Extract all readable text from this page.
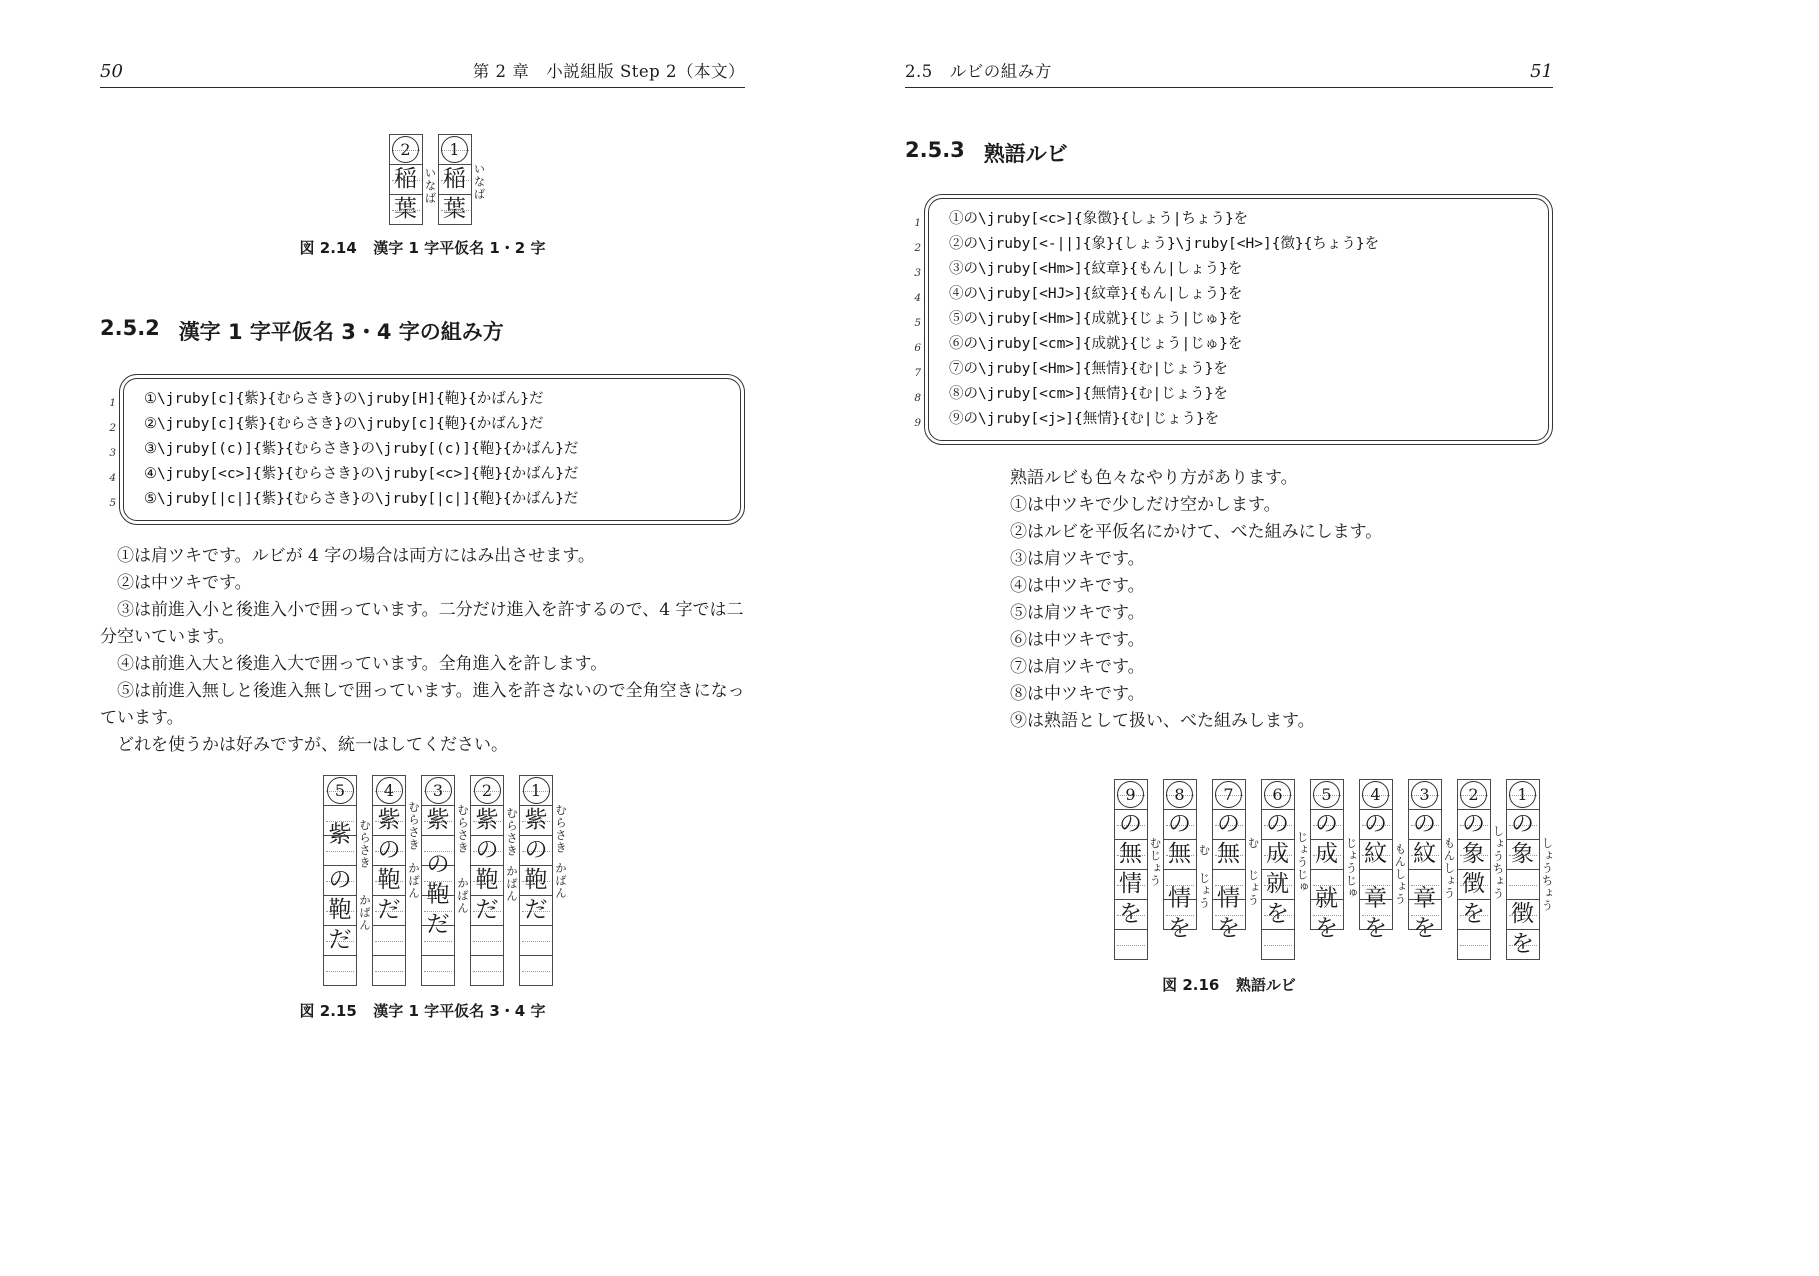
50	第 2 章　小説組版 Step 2（本文）
2
稲
葉
いなば
1
稲
葉
いなば
図 2.14 漢字 1 字平仮名 1・2 字
2.5.2 漢字 1 字平仮名 3・4 字の組み方
1
2
3
4
5
①\jruby[c]{紫}{むらさき}の\jruby[H]{鞄}{かばん}だ
②\jruby[c]{紫}{むらさき}の\jruby[c]{鞄}{かばん}だ
③\jruby[(c)]{紫}{むらさき}の\jruby[(c)]{鞄}{かばん}だ
④\jruby[<c>]{紫}{むらさき}の\jruby[<c>]{鞄}{かばん}だ
⑤\jruby[|c|]{紫}{むらさき}の\jruby[|c|]{鞄}{かばん}だ

①は肩ツキです。ルビが 4 字の場合は両方にはみ出させます。

②は中ツキです。

③は前進入小と後進入小で囲っています。二分だけ進入を許するので、4 字では二分空いています。

④は前進入大と後進入大で囲っています。全角進入を許します。

⑤は前進入無しと後進入無しで囲っています。進入を許さないので全角空きになっています。

どれを使うかは好みですが、統一はしてください。

5
紫
の
鞄
だ
むらさき
かばん
4
紫
の
鞄
だ
むらさき
かばん
3
紫
の
鞄
だ
むらさき
かばん
2
紫
の
鞄
だ
むらさき
かばん
1
紫
の
鞄
だ
むらさき
かばん
図 2.15 漢字 1 字平仮名 3・4 字
2.5　ルビの組み方	51
2.5.3 熟語ルビ
1
2
3
4
5
6
7
8
9
①の\jruby[<c>]{象徴}{しょう|ちょう}を
②の\jruby[<-||]{象}{しょう}\jruby[<H>]{徴}{ちょう}を
③の\jruby[<Hm>]{紋章}{もん|しょう}を
④の\jruby[<HJ>]{紋章}{もん|しょう}を
⑤の\jruby[<Hm>]{成就}{じょう|じゅ}を
⑥の\jruby[<cm>]{成就}{じょう|じゅ}を
⑦の\jruby[<Hm>]{無情}{む|じょう}を
⑧の\jruby[<cm>]{無情}{む|じょう}を
⑨の\jruby[<j>]{無情}{む|じょう}を

熟語ルビも色々なやり方があります。

①は中ツキで少しだけ空かします。

②はルビを平仮名にかけて、べた組みにします。

③は肩ツキです。

④は中ツキです。

⑤は肩ツキです。

⑥は中ツキです。

⑦は肩ツキです。

⑧は中ツキです。

⑨は熟語として扱い、べた組みします。

9
の
無
情
を
むじょう
8
の
無
情
を
む
じょう
7
の
無
情
を
む
じょう
6
の
成
就
を
じょうじゅ
5
の
成
就
を
じょうじゅ
4
の
紋
章
を
もんしょう
3
の
紋
章
を
もんしょう
2
の
象
徴
を
しょうちょう
1
の
象
徴
を
しょうちょう
図 2.16 熟語ルビ
